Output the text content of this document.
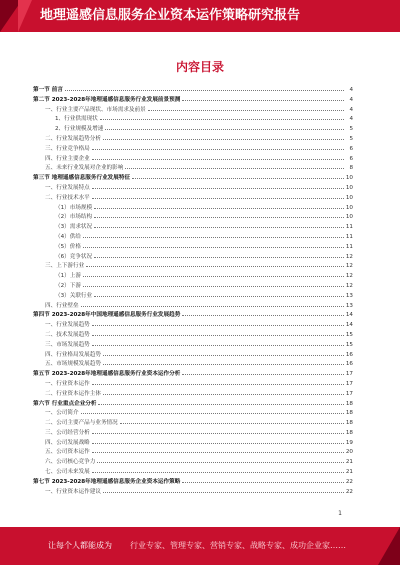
地理遥感信息服务企业资本运作策略研究报告
内容目录
第一节 前言	4
第二节 2023-2028年地理遥感信息服务行业发展前景预测	4
一、行业主要产品现状、市场需求及前景	4
1、行业供需现状	4
2、行业规模及增速	5
二、行业发展趋势分析	5
三、行业竞争格局	6
四、行业主要企业	6
五、未来行业发展对企业的影响	8
第三节 地理遥感信息服务行业发展特征	10
一、行业发展特点	10
二、行业技术水平	10
（1）市场规模	10
（2）市场结构	10
（3）需求状况	11
（4）供给	11
（5）价格	11
（6）竞争状况	12
三、上下游行业	12
（1）上游	12
（2）下游	12
（3）关联行业	13
四、行业壁垒	13
第四节 2023-2028年中国地理遥感信息服务行业发展趋势	14
一、行业发展趋势	14
二、技术发展趋势	15
三、市场发展趋势	15
四、行业格局发展趋势	16
五、市场规模发展趋势	16
第五节 2023-2028年地理遥感信息服务行业资本运作分析	17
一、行业资本运作	17
二、行业资本运作主体	17
第六节 行业重点企业分析	18
一、公司简介	18
二、公司主要产品与业务情况	18
三、公司经营分析	18
四、公司发展战略	19
五、公司资本运作	20
六、公司核心竞争力	21
七、公司未来发展	21
第七节 2023-2028年地理遥感信息服务企业资本运作策略	22
一、行业资本运作建议	22
1
让每个人都能成为 行业专家、管理专家、营销专家、战略专家、成功企业家……
